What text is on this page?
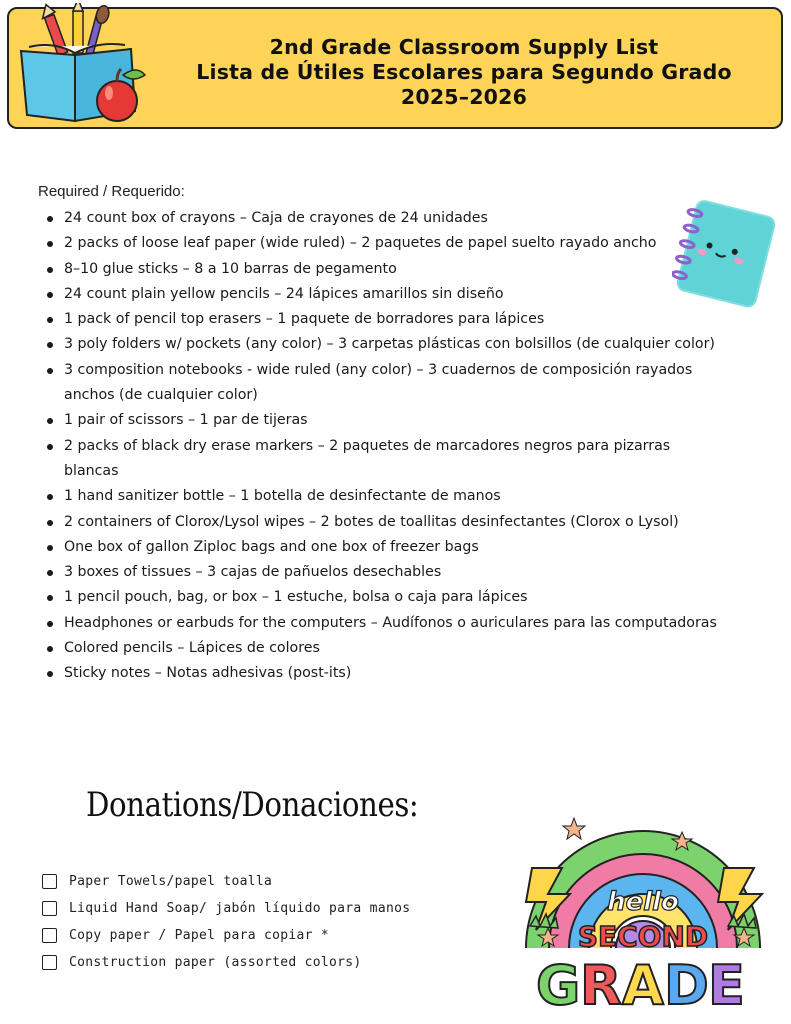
2nd Grade Classroom Supply List
Lista de Útiles Escolares para Segundo Grado
2025–2026
Required / Requerido:
24 count box of crayons – Caja de crayones de 24 unidades
2 packs of loose leaf paper (wide ruled) – 2 paquetes de papel suelto rayado ancho
8–10 glue sticks – 8 a 10 barras de pegamento
24 count plain yellow pencils – 24 lápices amarillos sin diseño
1 pack of pencil top erasers – 1 paquete de borradores para lápices
3 poly folders w/ pockets (any color) – 3 carpetas plásticas con bolsillos (de cualquier color)
3 composition notebooks - wide ruled (any color) – 3 cuadernos de composición rayados anchos (de cualquier color)
1 pair of scissors – 1 par de tijeras
2 packs of black dry erase markers – 2 paquetes de marcadores negros para pizarras blancas
1 hand sanitizer bottle – 1 botella de desinfectante de manos
2 containers of Clorox/Lysol wipes – 2 botes de toallitas desinfectantes (Clorox o Lysol)
One box of gallon Ziploc bags and one box of freezer bags
3 boxes of tissues – 3 cajas de pañuelos desechables
1 pencil pouch, bag, or box – 1 estuche, bolsa o caja para lápices
Headphones or earbuds for the computers – Audífonos o auriculares para las computadoras
Colored pencils – Lápices de colores
Sticky notes – Notas adhesivas (post-its)
Donations/Donaciones:
Paper Towels/papel toalla
Liquid Hand Soap/ jabón líquido para manos
Copy paper / Papel para copiar *
Construction paper (assorted colors)
hello
SECOND
G R A D E
